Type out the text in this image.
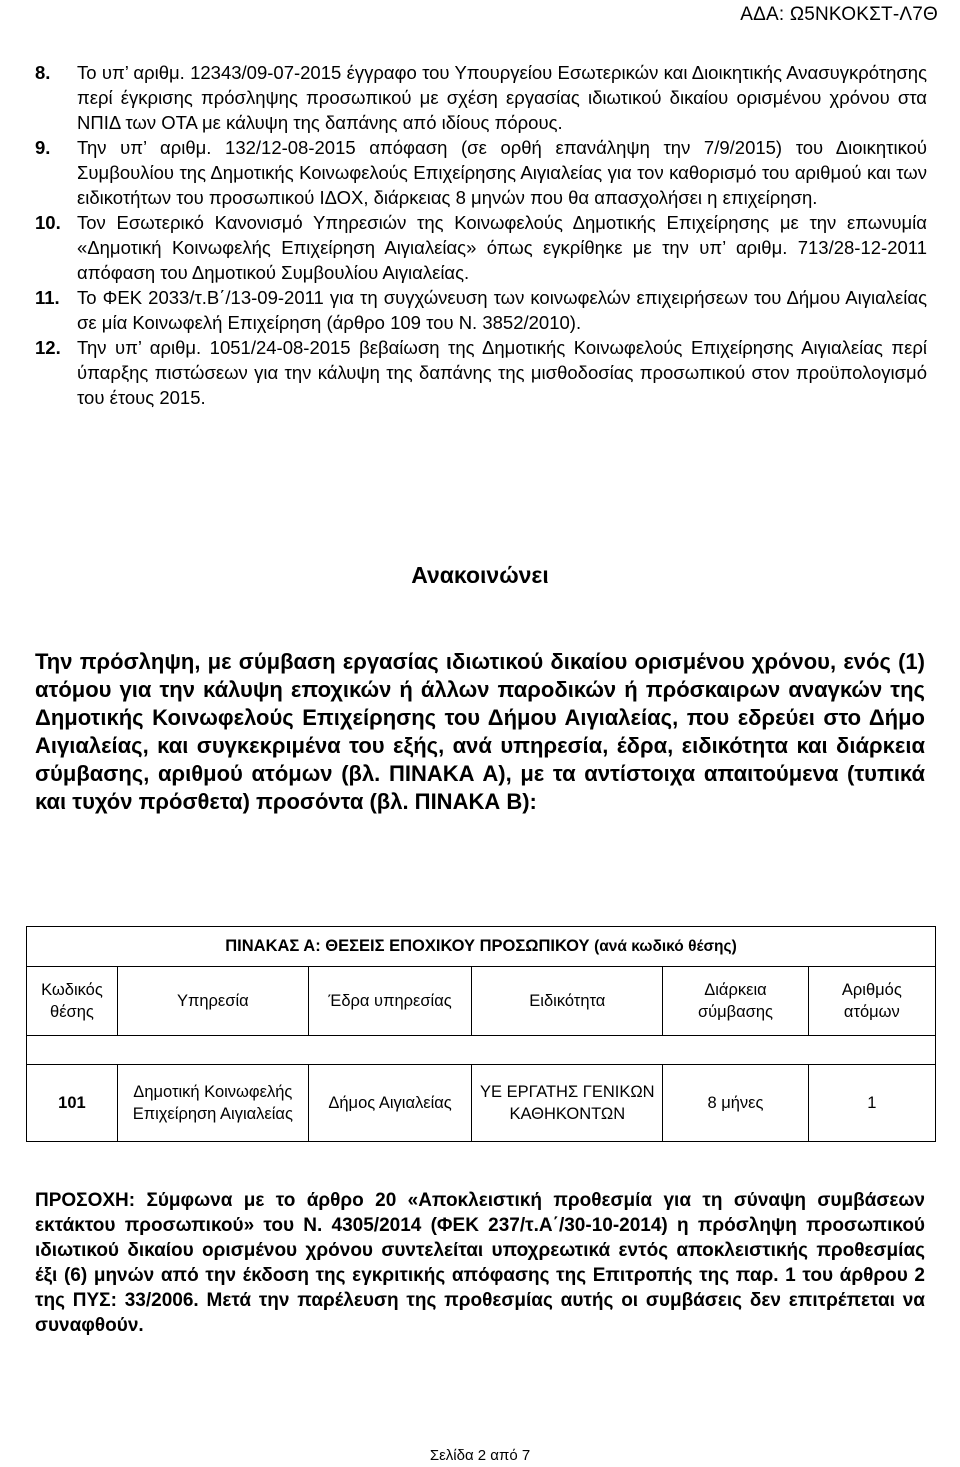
ΑΔΑ: Ω5ΝΚΟΚΣΤ-Λ7Θ
8.	Το υπ’ αριθμ. 12343/09-07-2015 έγγραφο του Υπουργείου Εσωτερικών και Διοικητικής Ανασυγκρότησης περί έγκρισης πρόσληψης προσωπικού με σχέση εργασίας ιδιωτικού δικαίου ορισμένου χρόνου στα ΝΠΙΔ των ΟΤΑ με κάλυψη της δαπάνης από ιδίους πόρους.
9.	Την υπ’ αριθμ. 132/12-08-2015 απόφαση (σε ορθή επανάληψη την 7/9/2015) του Διοικητικού Συμβουλίου της Δημοτικής Κοινωφελούς Επιχείρησης Αιγιαλείας για τον καθορισμό του αριθμού και των ειδικοτήτων του προσωπικού ΙΔΟΧ, διάρκειας 8 μηνών που θα απασχολήσει η επιχείρηση.
10. Τον Εσωτερικό Κανονισμό Υπηρεσιών της Κοινωφελούς Δημοτικής Επιχείρησης με την επωνυμία «Δημοτική Κοινωφελής Επιχείρηση Αιγιαλείας» όπως εγκρίθηκε με την υπ’ αριθμ. 713/28-12-2011 απόφαση του Δημοτικού Συμβουλίου Αιγιαλείας.
11. Το ΦΕΚ 2033/τ.Β΄/13-09-2011 για τη συγχώνευση των κοινωφελών επιχειρήσεων του Δήμου Αιγιαλείας σε μία Κοινωφελή Επιχείρηση (άρθρο 109 του Ν. 3852/2010).
12. Την υπ’ αριθμ. 1051/24-08-2015 βεβαίωση της Δημοτικής Κοινωφελούς Επιχείρησης Αιγιαλείας περί ύπαρξης πιστώσεων για την κάλυψη της δαπάνης της μισθοδοσίας προσωπικού στον προϋπολογισμό του έτους 2015.
Ανακοινώνει
Την πρόσληψη, με σύμβαση εργασίας ιδιωτικού δικαίου ορισμένου χρόνου, ενός (1) ατόμου για την κάλυψη εποχικών ή άλλων παροδικών ή πρόσκαιρων αναγκών της Δημοτικής Κοινωφελούς Επιχείρησης του Δήμου Αιγιαλείας, που εδρεύει στο Δήμο Αιγιαλείας, και συγκεκριμένα του εξής, ανά υπηρεσία, έδρα, ειδικότητα και διάρκεια σύμβασης, αριθμού ατόμων (βλ. ΠΙΝΑΚΑ Α), με τα αντίστοιχα απαιτούμενα (τυπικά και τυχόν πρόσθετα) προσόντα (βλ. ΠΙΝΑΚΑ Β):
ΠΙΝΑΚΑΣ Α: ΘΕΣΕΙΣ ΕΠΟΧΙΚΟΥ ΠΡΟΣΩΠΙΚΟΥ (ανά κωδικό θέσης)					
Κωδικός θέσης	Υπηρεσία	Έδρα υπηρεσίας	Ειδικότητα	Διάρκεια σύμβασης	Αριθμός ατόμων

101	Δημοτική Κοινωφελής Επιχείρηση Αιγιαλείας	Δήμος Αιγιαλείας	ΥΕ ΕΡΓΑΤΗΣ ΓΕΝΙΚΩΝ ΚΑΘΗΚΟΝΤΩΝ	8 μήνες	1
ΠΡΟΣΟΧΗ: Σύμφωνα με το άρθρο 20 «Αποκλειστική προθεσμία για τη σύναψη συμβάσεων εκτάκτου προσωπικού» του Ν. 4305/2014 (ΦΕΚ 237/τ.Α΄/30-10-2014) η πρόσληψη προσωπικού ιδιωτικού δικαίου ορισμένου χρόνου συντελείται υποχρεωτικά εντός αποκλειστικής προθεσμίας έξι (6) μηνών από την έκδοση της εγκριτικής απόφασης της Επιτροπής της παρ. 1 του άρθρου 2 της ΠΥΣ: 33/2006. Μετά την παρέλευση της προθεσμίας αυτής οι συμβάσεις δεν επιτρέπεται να συναφθούν.
Σελίδα 2 από 7
